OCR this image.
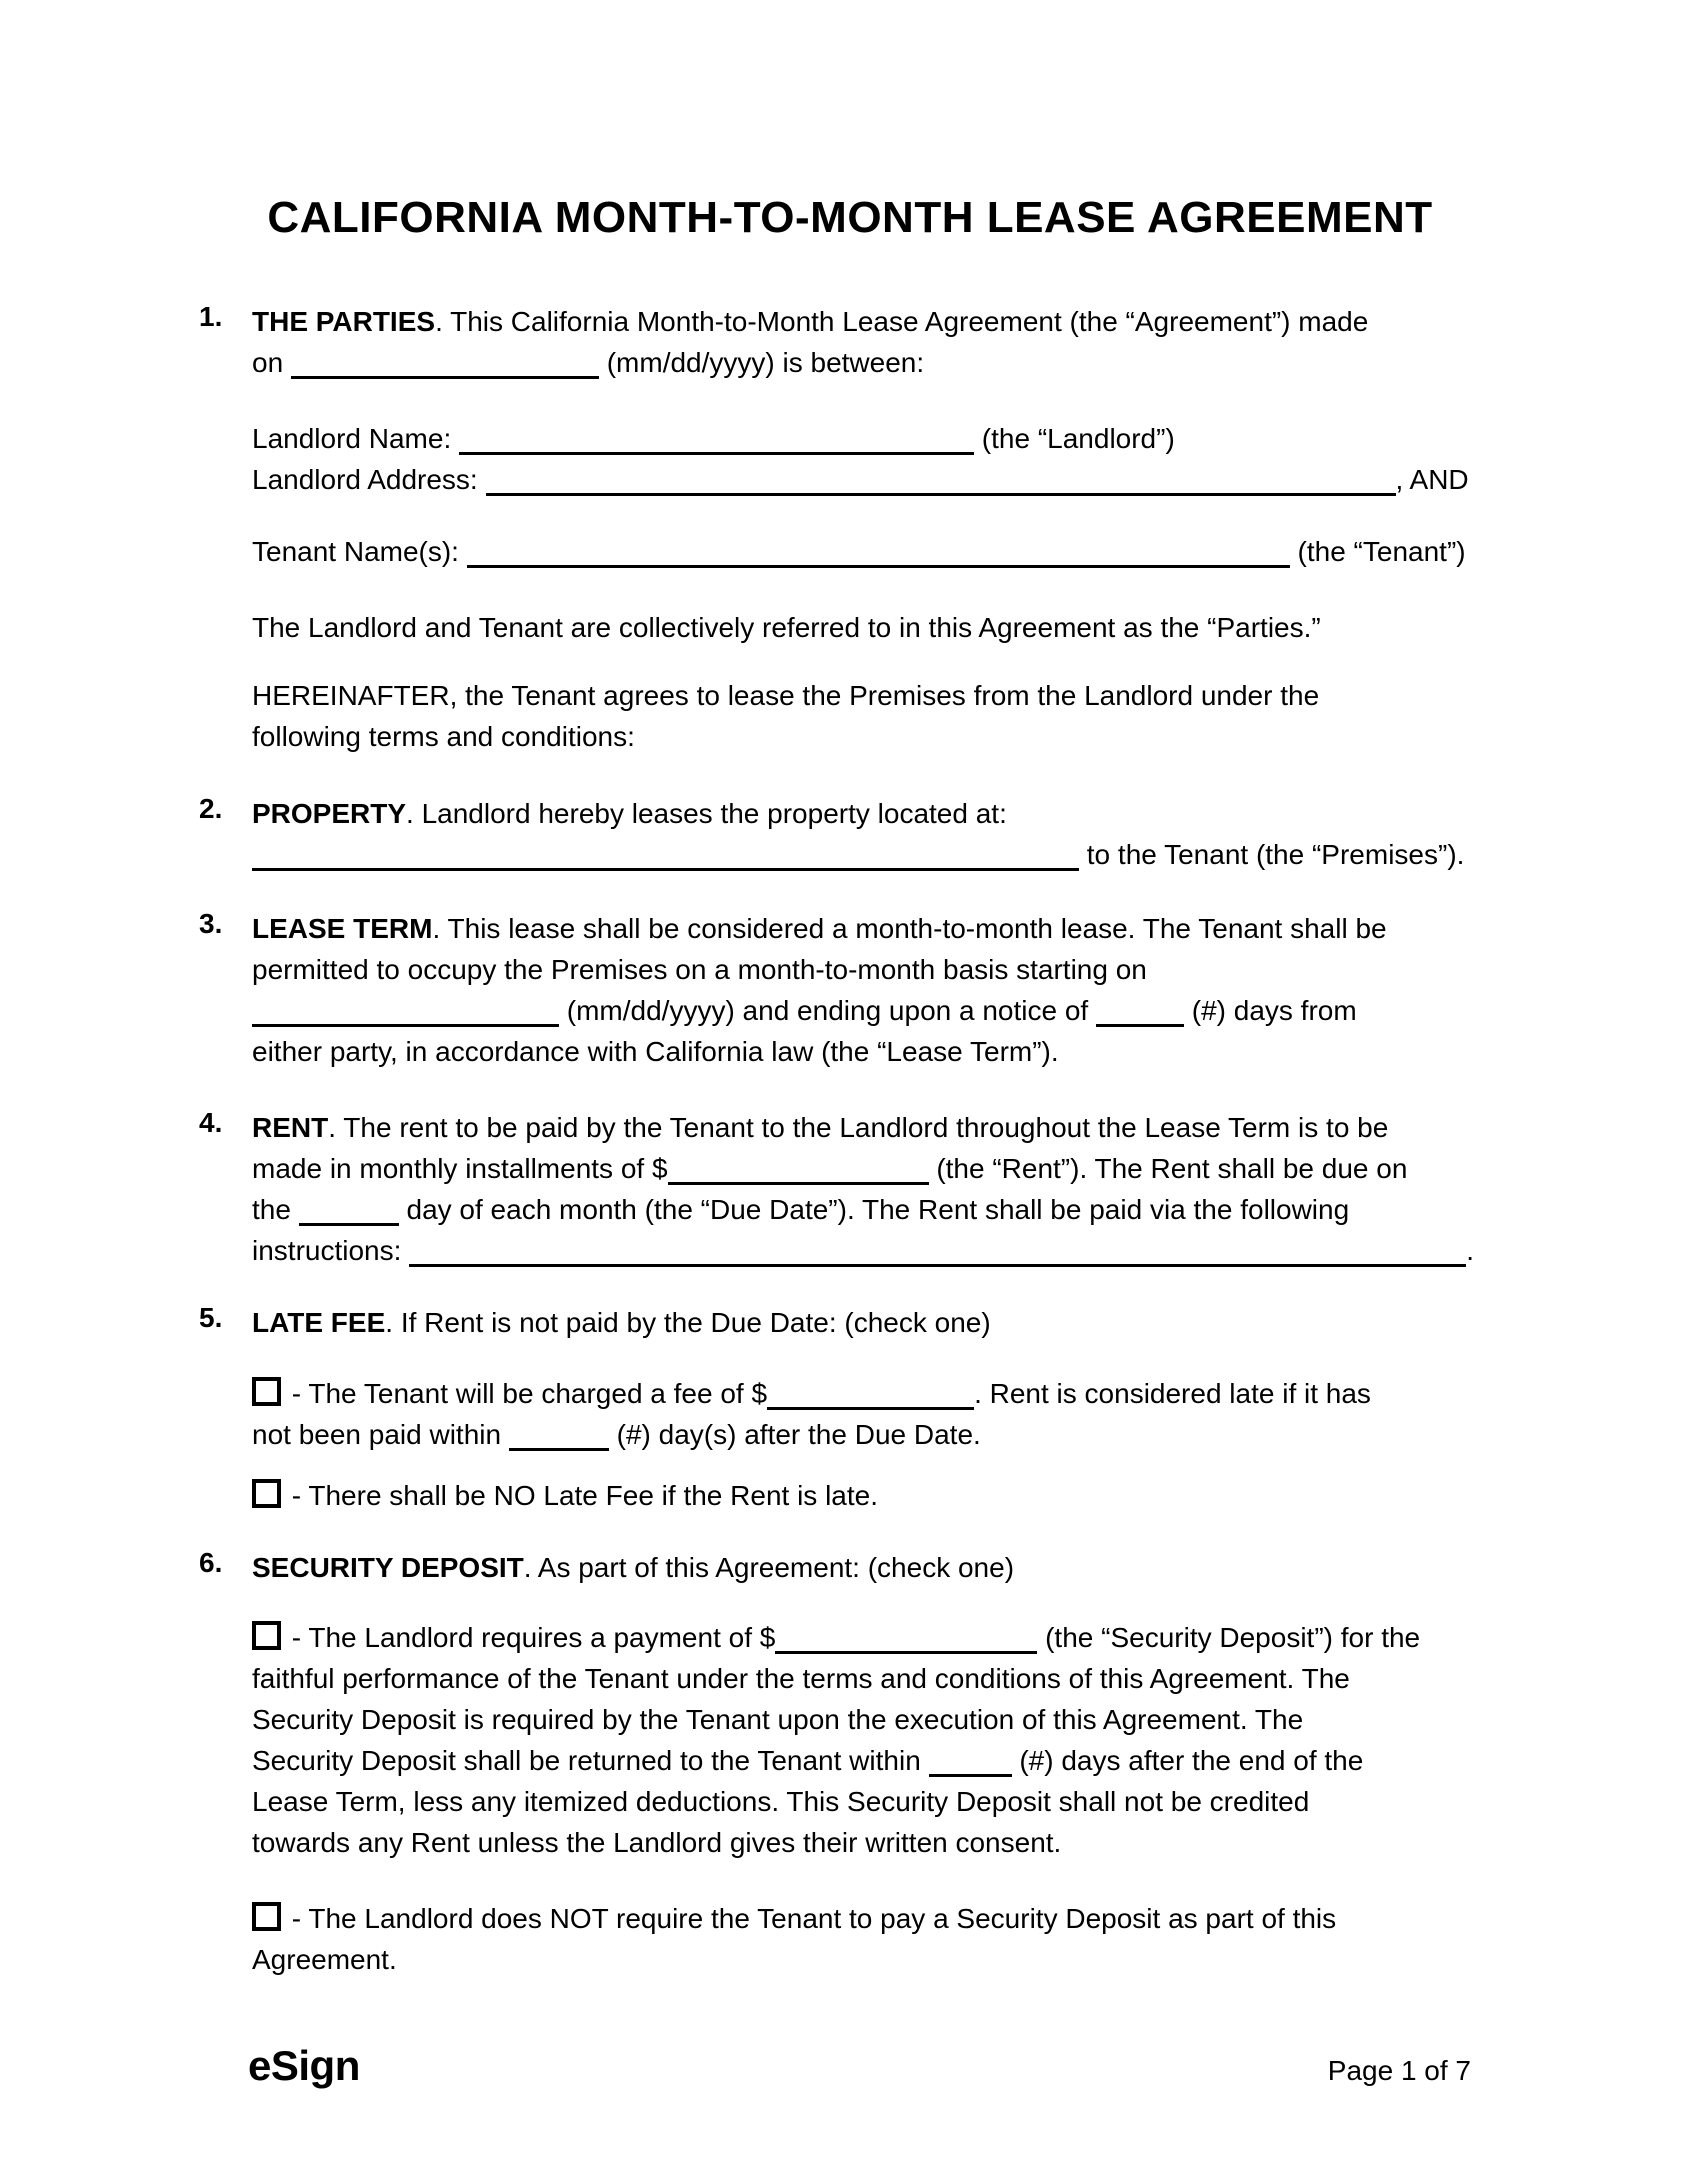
CALIFORNIA MONTH-TO-MONTH LEASE AGREEMENT
1. THE PARTIES. This California Month-to-Month Lease Agreement (the “Agreement”) made
on	(mm/dd/yyyy) is between:
Landlord Name:	(the “Landlord”)
Landlord Address:	, AND
Tenant Name(s):	(the “Tenant”)
The Landlord and Tenant are collectively referred to in this Agreement as the “Parties.”
HEREINAFTER, the Tenant agrees to lease the Premises from the Landlord under the
following terms and conditions:
2. PROPERTY. Landlord hereby leases the property located at:
to the Tenant (the “Premises”).
3. LEASE TERM. This lease shall be considered a month-to-month lease. The Tenant shall be
permitted to occupy the Premises on a month-to-month basis starting on
(mm/dd/yyyy) and ending upon a notice of	(#) days from
either party, in accordance with California law (the “Lease Term”).
4. RENT. The rent to be paid by the Tenant to the Landlord throughout the Lease Term is to be
made in monthly installments of $	(the “Rent”). The Rent shall be due on
the	day of each month (the “Due Date”). The Rent shall be paid via the following
instructions:	.
5. LATE FEE. If Rent is not paid by the Due Date: (check one)
- The Tenant will be charged a fee of $	. Rent is considered late if it has
not been paid within	(#) day(s) after the Due Date.
- There shall be NO Late Fee if the Rent is late.
6. SECURITY DEPOSIT. As part of this Agreement: (check one)
- The Landlord requires a payment of $	(the “Security Deposit”) for the
faithful performance of the Tenant under the terms and conditions of this Agreement. The
Security Deposit is required by the Tenant upon the execution of this Agreement. The
Security Deposit shall be returned to the Tenant within	(#) days after the end of the
Lease Term, less any itemized deductions. This Security Deposit shall not be credited
towards any Rent unless the Landlord gives their written consent.
- The Landlord does NOT require the Tenant to pay a Security Deposit as part of this
Agreement.
eSign	Page 1 of 7
